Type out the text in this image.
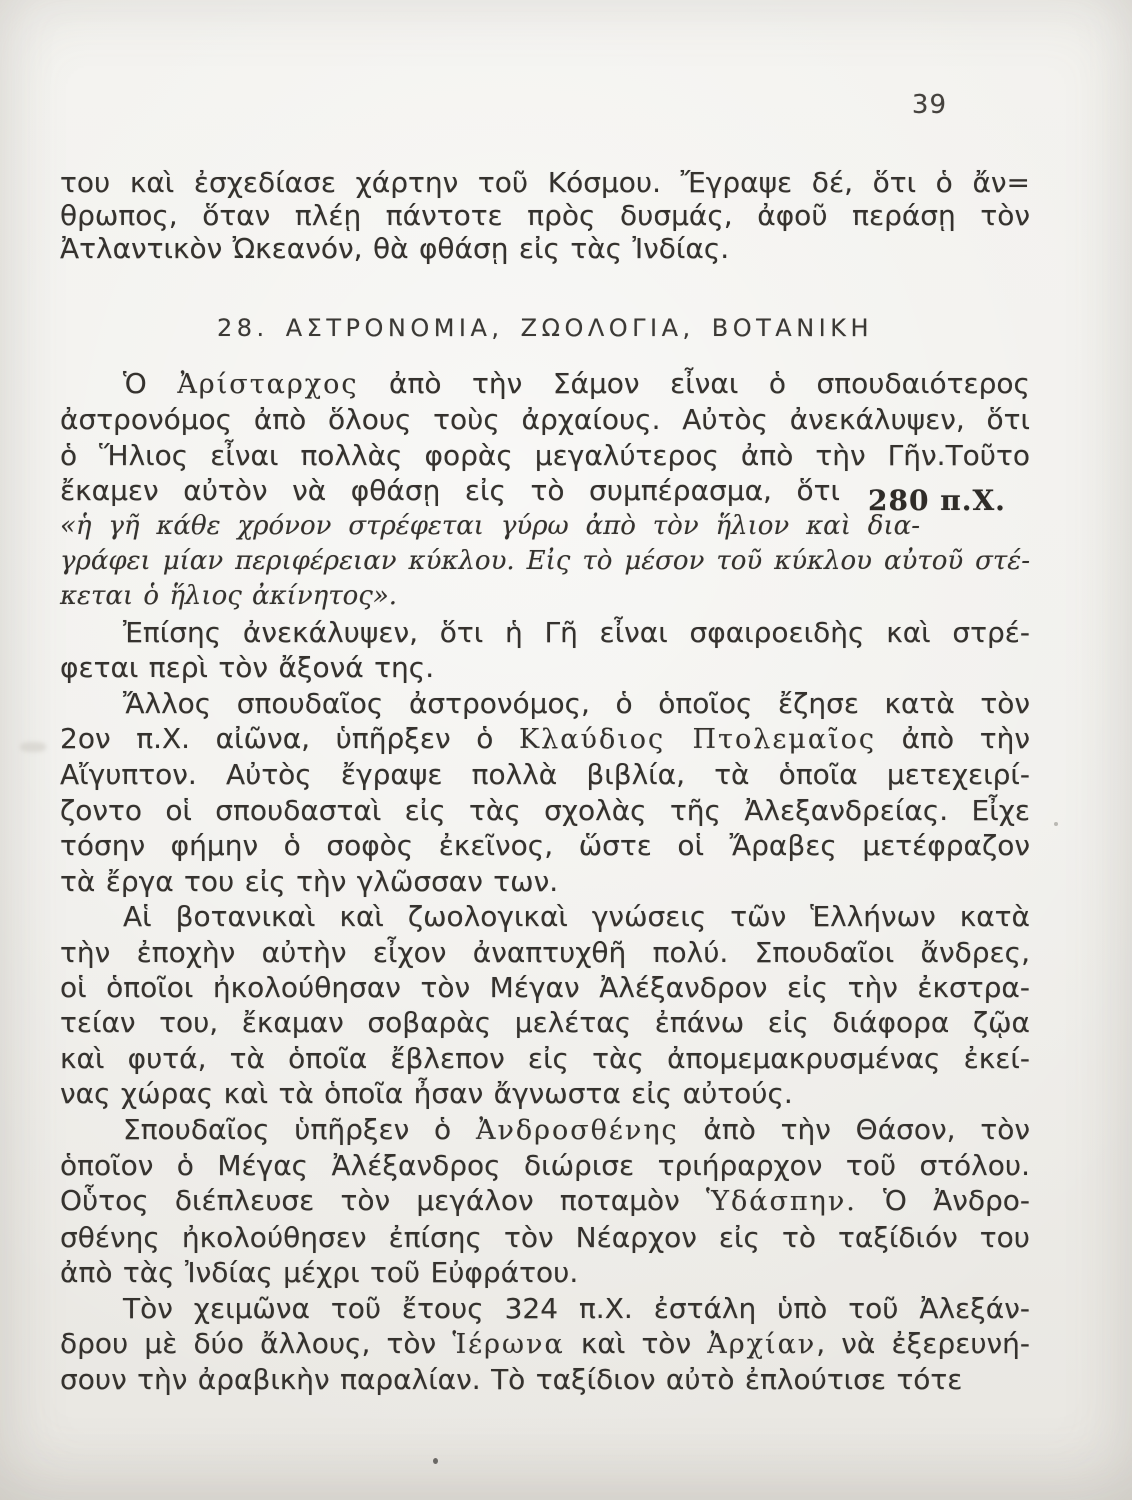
39
του καὶ ἐσχεδίασε χάρτην τοῦ Κόσμου. Ἔγραψε δέ, ὅτι ὁ ἄν=
θρωπος, ὅταν πλέῃ πάντοτε πρὸς δυσμάς, ἀφοῦ περάσῃ τὸν
Ἀτλαντικὸν Ὠκεανόν, θὰ φθάσῃ εἰς τὰς Ἰνδίας.
28. ΑΣΤΡΟΝΟΜΙΑ, ΖΩΟΛΟΓΙΑ, ΒΟΤΑΝΙΚΗ
280 π.Χ.
Ὁ Ἀρίσταρχος ἀπὸ τὴν Σάμον εἶναι ὁ σπουδαιότερος
ἀστρονόμος ἀπὸ ὅλους τοὺς ἀρχαίους. Αὐτὸς ἀνεκάλυψεν, ὅτι
ὁ Ἥλιος εἶναι πολλὰς φορὰς μεγαλύτερος ἀπὸ τὴν Γῆν.Τοῦτο
ἔκαμεν αὐτὸν νὰ φθάσῃ εἰς τὸ συμπέρασμα, ὅτι
«ἡ γῆ κάθε χρόνον στρέφεται γύρω ἀπὸ τὸν ἥλιον καὶ δια-
γράφει μίαν περιφέρειαν κύκλου. Εἰς τὸ μέσον τοῦ κύκλου αὐτοῦ στέ-
κεται ὁ ἥλιος ἀκίνητος».
Ἐπίσης ἀνεκάλυψεν, ὅτι ἡ Γῆ εἶναι σφαιροειδὴς καὶ στρέ-
φεται περὶ τὸν ἄξονά της.
Ἄλλος σπουδαῖος ἀστρονόμος, ὁ ὁποῖος ἔζησε κατὰ τὸν
2ον π.Χ. αἰῶνα, ὑπῆρξεν ὁ Κλαύδιος Πτολεμαῖος ἀπὸ τὴν
Αἴγυπτον. Αὐτὸς ἔγραψε πολλὰ βιβλία, τὰ ὁποῖα μετεχειρί-
ζοντο οἱ σπουδασταὶ εἰς τὰς σχολὰς τῆς Ἀλεξανδρείας. Εἶχε
τόσην φήμην ὁ σοφὸς ἐκεῖνος, ὥστε οἱ Ἄραβες μετέφραζον
τὰ ἔργα του εἰς τὴν γλῶσσαν των.
Αἱ βοτανικαὶ καὶ ζωολογικαὶ γνώσεις τῶν Ἑλλήνων κατὰ
τὴν ἐποχὴν αὐτὴν εἶχον ἀναπτυχθῆ πολύ. Σπουδαῖοι ἄνδρες,
οἱ ὁποῖοι ἠκολούθησαν τὸν Μέγαν Ἀλέξανδρον εἰς τὴν ἐκστρα-
τείαν του, ἔκαμαν σοβαρὰς μελέτας ἐπάνω εἰς διάφορα ζῷα
καὶ φυτά, τὰ ὁποῖα ἔβλεπον εἰς τὰς ἀπομεμακρυσμένας ἐκεί-
νας χώρας καὶ τὰ ὁποῖα ἦσαν ἄγνωστα εἰς αὐτούς.
Σπουδαῖος ὑπῆρξεν ὁ Ἀνδροσθένης ἀπὸ τὴν Θάσον, τὸν
ὁποῖον ὁ Μέγας Ἀλέξανδρος διώρισε τριήραρχον τοῦ στόλου.
Οὗτος διέπλευσε τὸν μεγάλον ποταμὸν Ὑδάσπην. Ὁ Ἀνδρο-
σθένης ἠκολούθησεν ἐπίσης τὸν Νέαρχον εἰς τὸ ταξίδιόν του
ἀπὸ τὰς Ἰνδίας μέχρι τοῦ Εὐφράτου.
Τὸν χειμῶνα τοῦ ἔτους 324 π.Χ. ἐστάλη ὑπὸ τοῦ Ἀλεξάν-
δρου μὲ δύο ἄλλους, τὸν Ἱέρωνα καὶ τὸν Ἀρχίαν, νὰ ἐξερευνή-
σουν τὴν ἀραβικὴν παραλίαν. Τὸ ταξίδιον αὐτὸ ἐπλούτισε τότε
